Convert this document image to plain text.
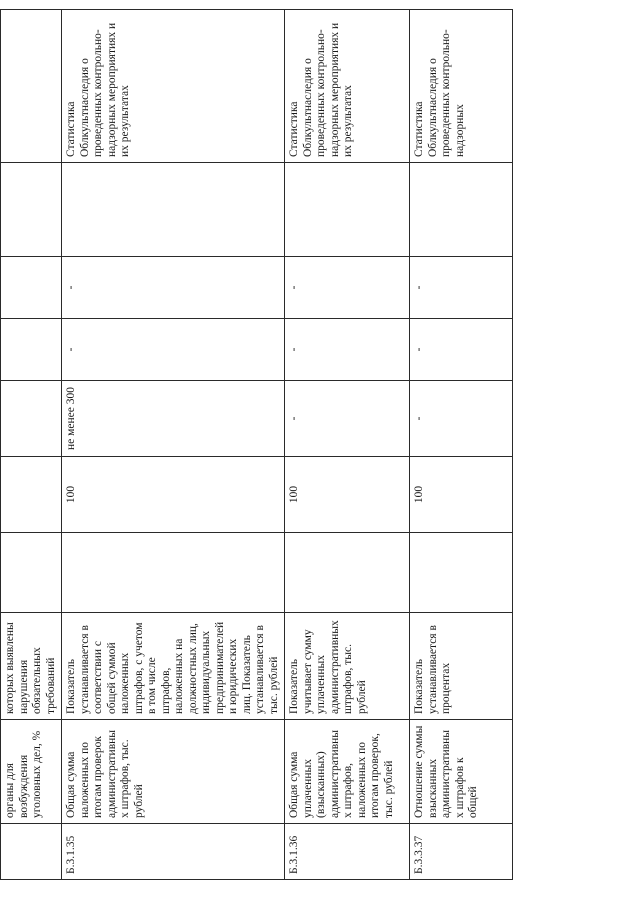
	органы для возбуждения уголовных дел, %	которых выявлены нарушения обязательных требований							
Б.3.1.35	Общая сумма наложенных по итогам проверок административных штрафов, тыс. рублей	Показатель устанавливается в соответствии с общей суммой наложенных штрафов, с учетом в том числе штрафов, наложенных на должностных лиц, индивидуальных предпринимателей и юридических лиц. Показатель устанавливается в тыс. рублей		100	не менее 300	-	-		Статистика Облкультнаследия о проведенных контрольно-надзорных мероприятиях и их результатах
Б.3.1.36	Общая сумма уплаченных (взысканных) административных штрафов, наложенных по итогам проверок, тыс. рублей	Показатель учитывает сумму уплаченных административных штрафов, тыс. рублей		100	-	-	-		Статистика Облкультнаследия о проведенных контрольно-надзорных мероприятиях и их результатах
Б.3.3.37	Отношение суммы взысканных административных штрафов к общей	Показатель устанавливается в процентах		100	-	-	-		Статистика Облкультнаследия о проведенных контрольно-надзорных
